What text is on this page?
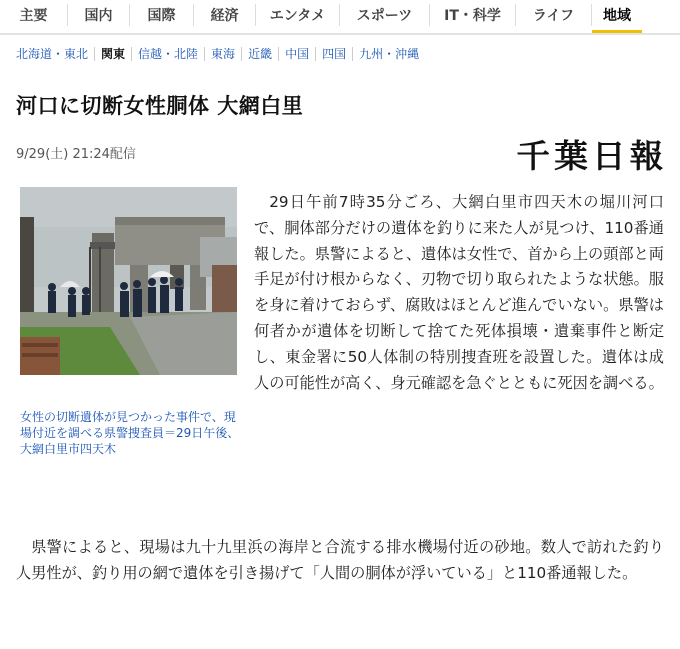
主要	国内	国際	経済	エンタメ	スポーツ	IT・科学	ライフ	地域
北海道・東北	関東	信越・北陸	東海	近畿	中国	四国	九州・沖縄
河口に切断女性胴体 大網白里
9/29(土) 21:24配信	千葉日報
女性の切断遺体が見つかった事件で、現場付近を調べる県警捜査員＝29日午後、大網白里市四天木

29日午前7時35分ごろ、大網白里市四天木の堀川河口で、胴体部分だけの遺体を釣りに来た人が見つけ、110番通報した。県警によると、遺体は女性で、首から上の頭部と両手足が付け根からなく、刃物で切り取られたような状態。服を身に着けておらず、腐敗はほとんど進んでいない。県警は何者かが遺体を切断して捨てた死体損壊・遺棄事件と断定し、東金署に50人体制の特別捜査班を設置した。遺体は成人の可能性が高く、身元確認を急ぐとともに死因を調べる。

県警によると、現場は九十九里浜の海岸と合流する排水機場付近の砂地。数人で訪れた釣り人男性が、釣り用の網で遺体を引き揚げて「人間の胴体が浮いている」と110番通報した。
